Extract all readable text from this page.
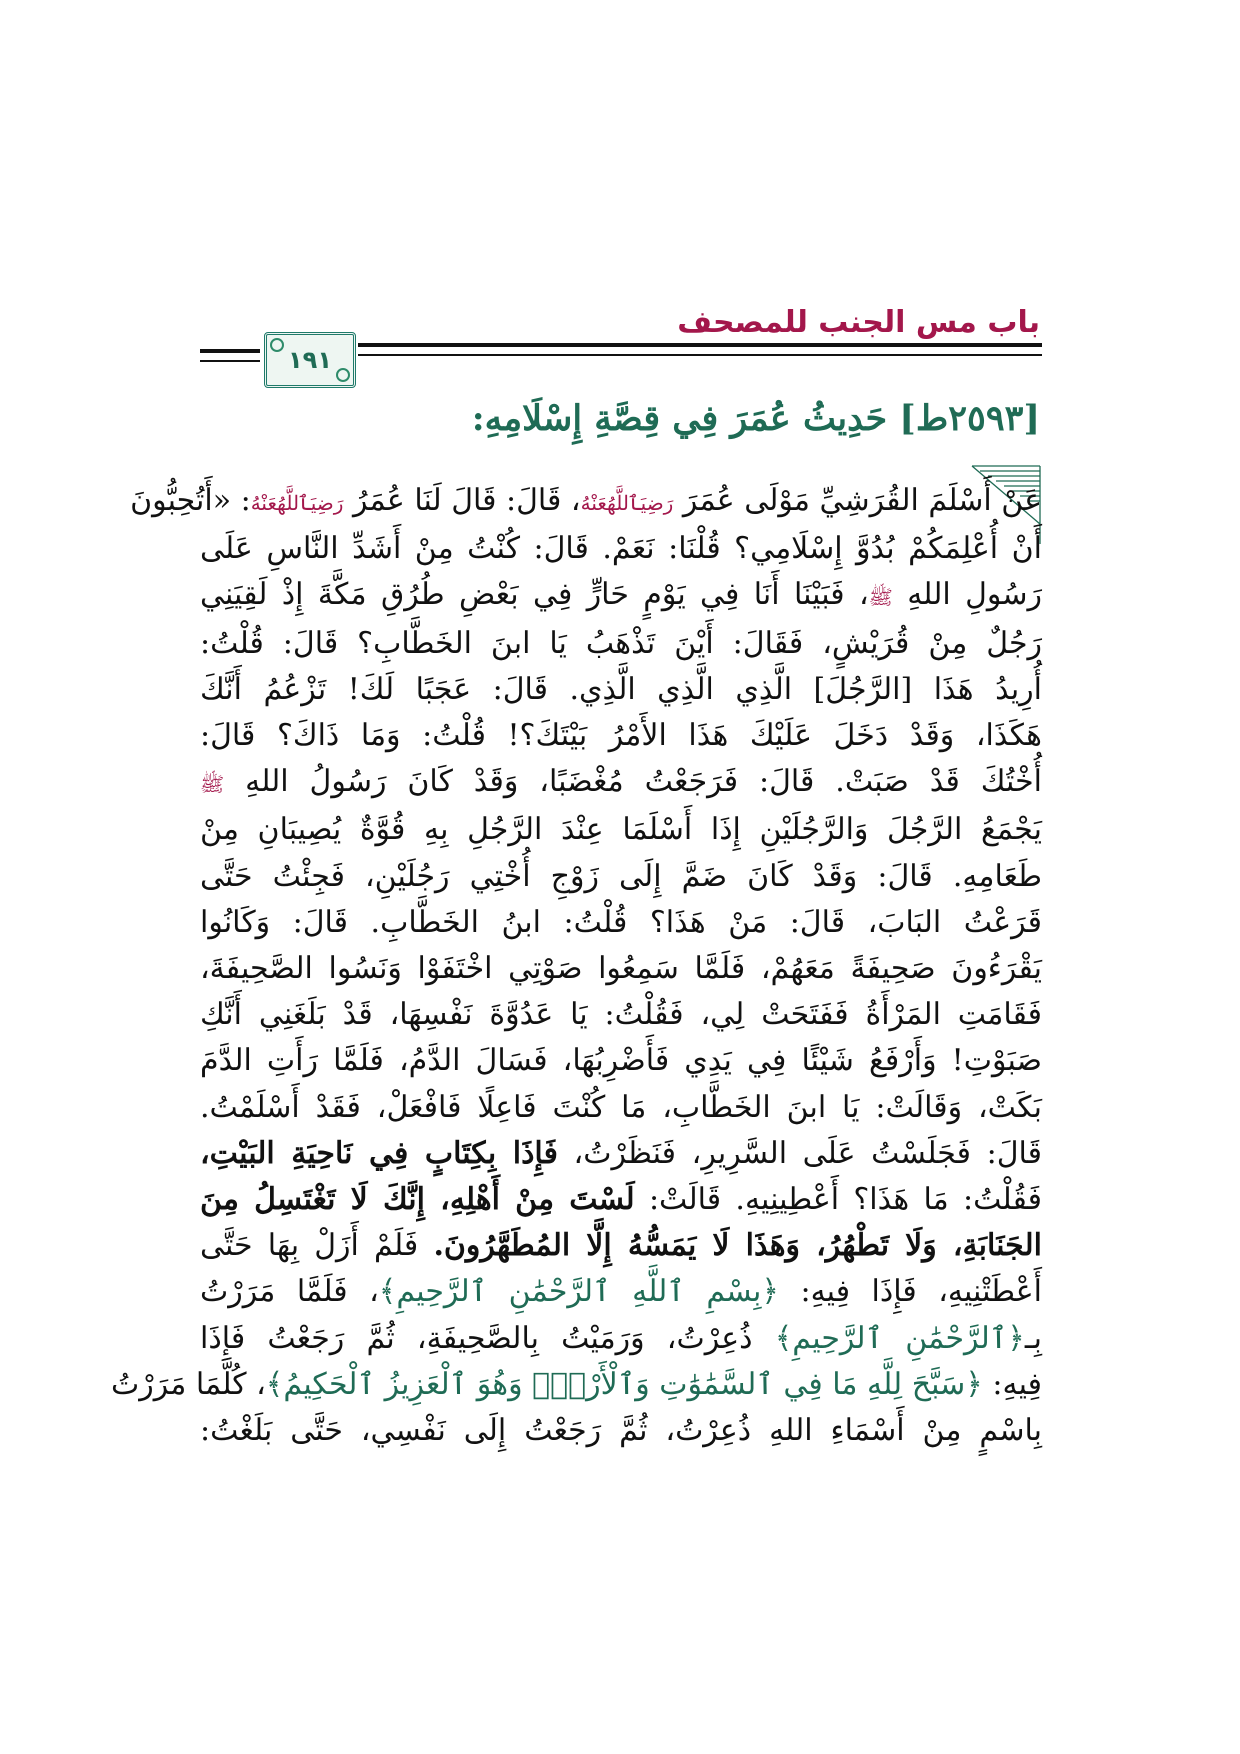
باب مس الجنب للمصحف
١٩١
[٢٥٩٣ط] حَدِيثُ عُمَرَ فِي قِصَّةِ إِسْلَامِهِ:
عَنْ أَسْلَمَ القُرَشِيِّ مَوْلَى عُمَرَ رَضِيَٱللَّهُعَنْهُ، قَالَ: قَالَ لَنَا عُمَرُ رَضِيَٱللَّهُعَنْهُ: «أَتُحِبُّونَ
أَنْ أُعْلِمَكُمْ بُدُوَّ إِسْلَامِي؟ قُلْنَا: نَعَمْ. قَالَ: كُنْتُ مِنْ أَشَدِّ النَّاسِ عَلَى
رَسُولِ اللهِ ﷺ، فَبَيْنَا أَنَا فِي يَوْمٍ حَارٍّ فِي بَعْضِ طُرُقِ مَكَّةَ إِذْ لَقِيَنِي
رَجُلٌ مِنْ قُرَيْشٍ، فَقَالَ: أَيْنَ تَذْهَبُ يَا ابنَ الخَطَّابِ؟ قَالَ: قُلْتُ:
أُرِيدُ هَذَا [الرَّجُلَ] الَّذِي الَّذِي الَّذِي. قَالَ: عَجَبًا لَكَ! تَزْعُمُ أَنَّكَ
هَكَذَا، وَقَدْ دَخَلَ عَلَيْكَ هَذَا الأَمْرُ بَيْتَكَ؟! قُلْتُ: وَمَا ذَاكَ؟ قَالَ:
أُخْتُكَ قَدْ صَبَتْ. قَالَ: فَرَجَعْتُ مُغْضَبًا، وَقَدْ كَانَ رَسُولُ اللهِ ﷺ
يَجْمَعُ الرَّجُلَ وَالرَّجُلَيْنِ إِذَا أَسْلَمَا عِنْدَ الرَّجُلِ بِهِ قُوَّةٌ يُصِيبَانِ مِنْ
طَعَامِهِ. قَالَ: وَقَدْ كَانَ ضَمَّ إِلَى زَوْجِ أُخْتِي رَجُلَيْنِ، فَجِئْتُ حَتَّى
قَرَعْتُ البَابَ، قَالَ: مَنْ هَذَا؟ قُلْتُ: ابنُ الخَطَّابِ. قَالَ: وَكَانُوا
يَقْرَءُونَ صَحِيفَةً مَعَهُمْ، فَلَمَّا سَمِعُوا صَوْتِي اخْتَفَوْا وَنَسُوا الصَّحِيفَةَ،
فَقَامَتِ المَرْأَةُ فَفَتَحَتْ لِي، فَقُلْتُ: يَا عَدُوَّةَ نَفْسِهَا، قَدْ بَلَغَنِي أَنَّكِ
صَبَوْتِ! وَأَرْفَعُ شَيْئًا فِي يَدِي فَأَضْرِبُهَا، فَسَالَ الدَّمُ، فَلَمَّا رَأَتِ الدَّمَ
بَكَتْ، وَقَالَتْ: يَا ابنَ الخَطَّابِ، مَا كُنْتَ فَاعِلًا فَافْعَلْ، فَقَدْ أَسْلَمْتُ.
قَالَ: فَجَلَسْتُ عَلَى السَّرِيرِ، فَنَظَرْتُ، فَإِذَا بِكِتَابٍ فِي نَاحِيَةِ البَيْتِ،
فَقُلْتُ: مَا هَذَا؟ أَعْطِينِيهِ. قَالَتْ: لَسْتَ مِنْ أَهْلِهِ، إِنَّكَ لَا تَغْتَسِلُ مِنَ
الجَنَابَةِ، وَلَا تَطْهُرُ، وَهَذَا لَا يَمَسُّهُ إِلَّا المُطَهَّرُونَ. فَلَمْ أَزَلْ بِهَا حَتَّى
أَعْطَتْنِيهِ، فَإِذَا فِيهِ: ﴿بِسْمِ ٱللَّهِ ٱلرَّحْمَٰنِ ٱلرَّحِيمِ﴾، فَلَمَّا مَرَرْتُ
بِـ﴿ٱلرَّحْمَٰنِ ٱلرَّحِيمِ﴾ ذُعِرْتُ، وَرَمَيْتُ بِالصَّحِيفَةِ، ثُمَّ رَجَعْتُ فَإِذَا
فِيهِ: ﴿سَبَّحَ لِلَّهِ مَا فِي ٱلسَّمَٰوَٰتِ وَٱلْأَرْضِۖ وَهُوَ ٱلْعَزِيزُ ٱلْحَكِيمُ﴾، كُلَّمَا مَرَرْتُ
بِاسْمٍ مِنْ أَسْمَاءِ اللهِ ذُعِرْتُ، ثُمَّ رَجَعْتُ إِلَى نَفْسِي، حَتَّى بَلَغْتُ:
